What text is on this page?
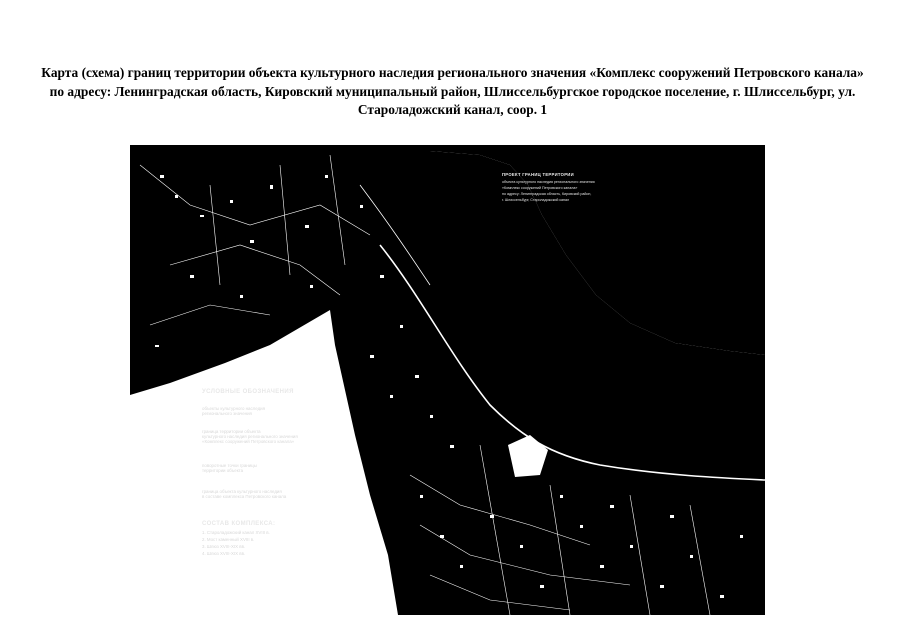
Карта (схема) границ территории объекта культурного наследия регионального значения «Комплекс сооружений Петровского канала»

по адресу: Ленинградская область, Кировский муниципальный район, Шлиссельбургское городское поселение, г. Шлиссельбург, ул. Староладожский канал, соор. 1

УСЛОВНЫЕ ОБОЗНАЧЕНИЯ
объекты культурного наследия
регионального значения
граница территории объекта
культурного наследия регионального значения
«Комплекс сооружений Петровского канала»
поворотные точки границы
территории объекта
граница объекта культурного наследия
в составе комплекса Петровского канала
СОСТАВ КОМПЛЕКСА:
1. Староладожский канал XVIII в.
2. Мост каменный XVIII в.
3. Шлюз XVIII-XIX вв.
4. Шлюз XVIII-XIX вв.
ПРОЕКТ ГРАНИЦ ТЕРРИТОРИИ
объекта культурного наследия регионального значения
«Комплекс сооружений Петровского канала»
по адресу: Ленинградская область, Кировский район,
г. Шлиссельбург, Староладожский канал
